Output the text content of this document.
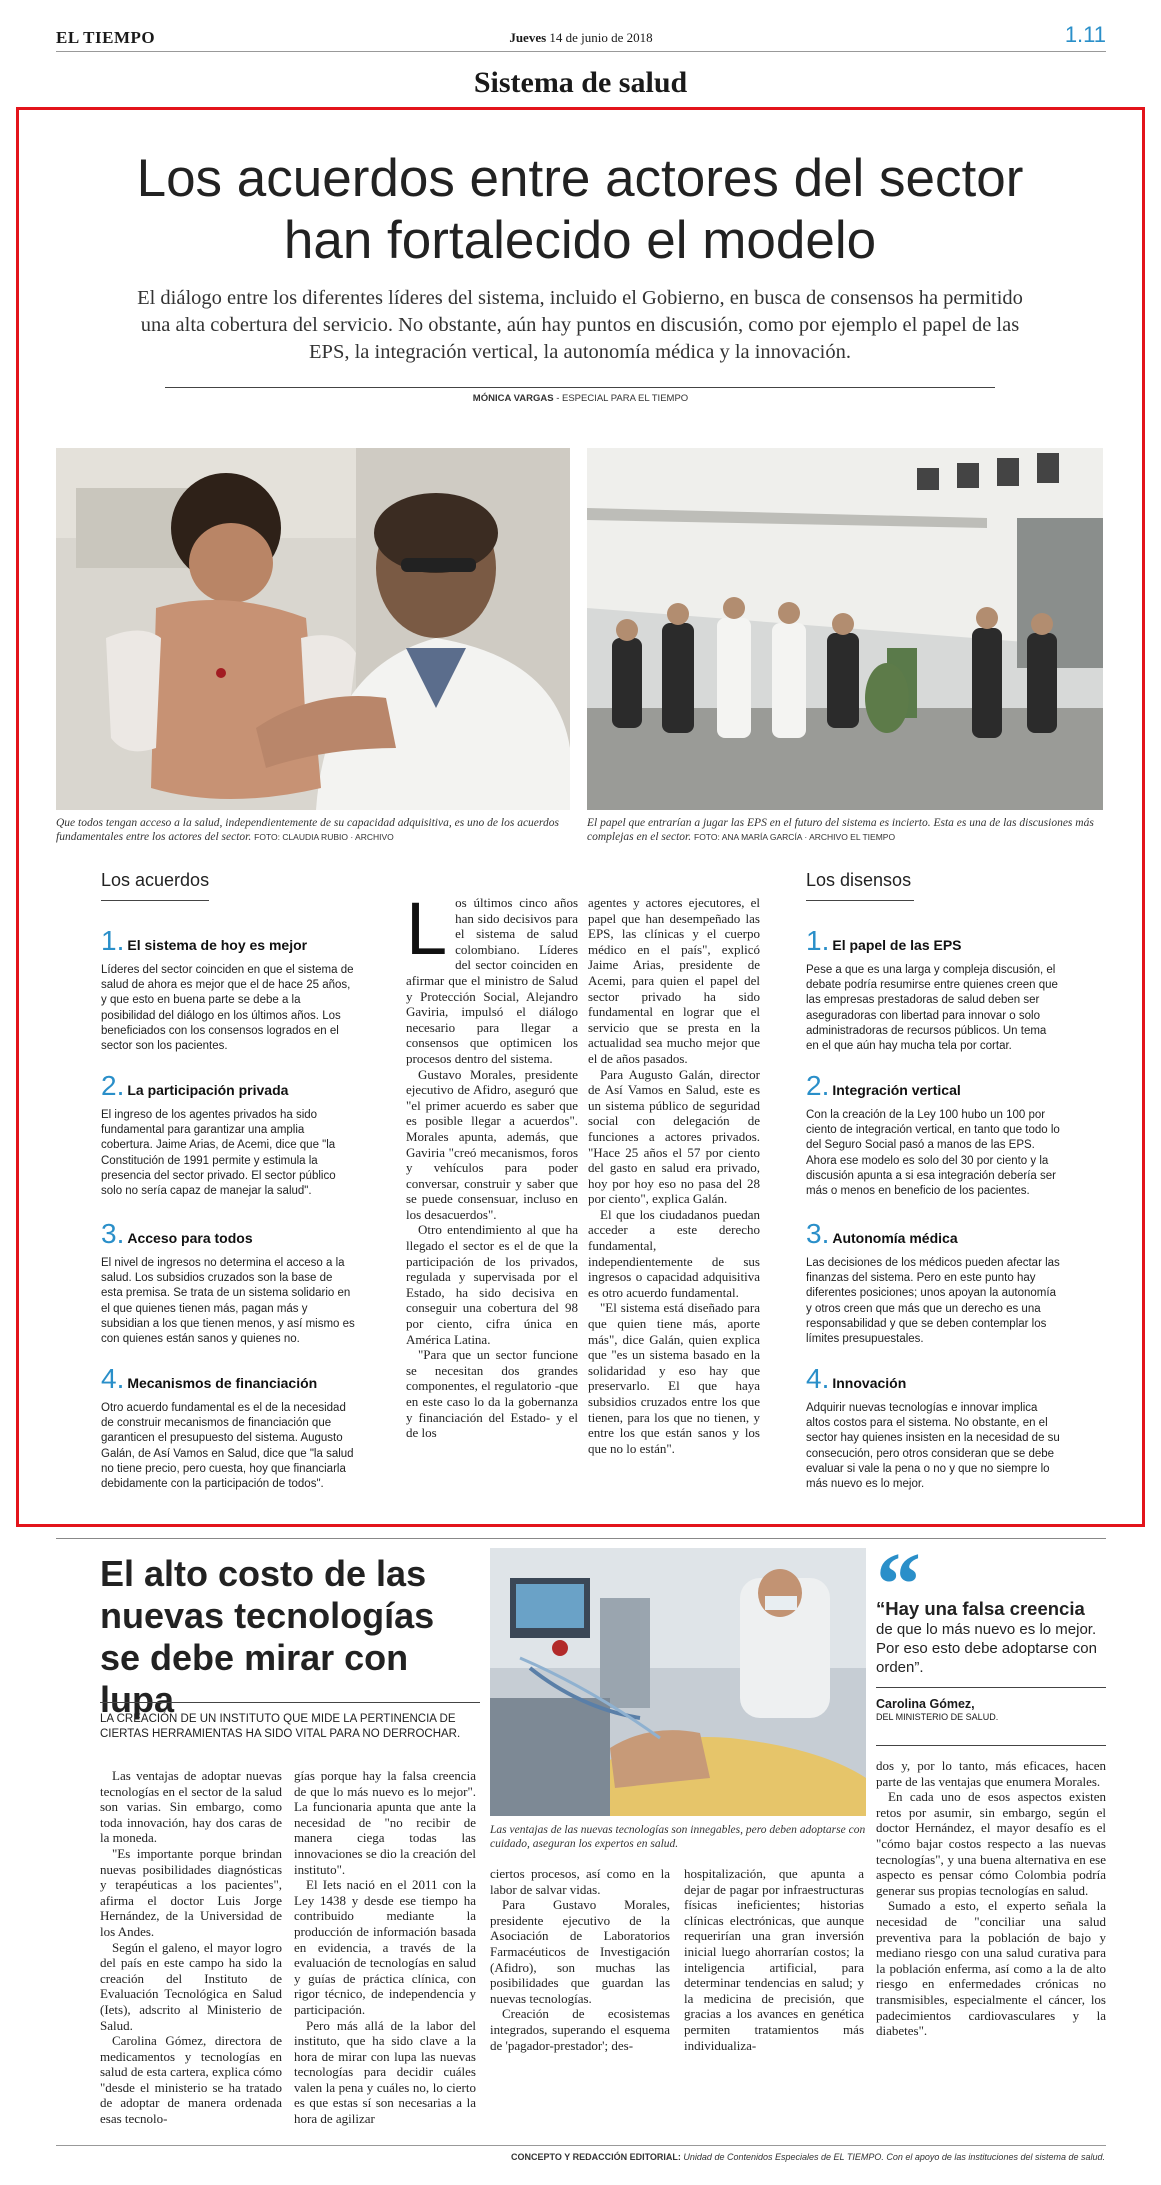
EL TIEMPO	Jueves 14 de junio de 2018	1.11
Sistema de salud
Los acuerdos entre actores del sector han fortalecido el modelo

El diálogo entre los diferentes líderes del sistema, incluido el Gobierno, en busca de consensos ha permitido una alta cobertura del servicio. No obstante, aún hay puntos en discusión, como por ejemplo el papel de las EPS, la integración vertical, la autonomía médica y la innovación.

MÓNICA VARGAS - ESPECIAL PARA EL TIEMPO
Que todos tengan acceso a la salud, independientemente de su capacidad adquisitiva, es uno de los acuerdos fundamentales entre los actores del sector. FOTO: CLAUDIA RUBIO · ARCHIVO
El papel que entrarían a jugar las EPS en el futuro del sistema es incierto. Esta es una de las discusiones más complejas en el sector. FOTO: ANA MARÍA GARCÍA · ARCHIVO EL TIEMPO
Los acuerdos
1. El sistema de hoy es mejor

Líderes del sector coinciden en que el sistema de salud de ahora es mejor que el de hace 25 años, y que esto en buena parte se debe a la posibilidad del diálogo en los últimos años. Los beneficiados con los consensos logrados en el sector son los pacientes.

2. La participación privada

El ingreso de los agentes privados ha sido fundamental para garantizar una amplia cobertura. Jaime Arias, de Acemi, dice que "la Constitución de 1991 permite y estimula la presencia del sector privado. El sector público solo no sería capaz de manejar la salud".

3. Acceso para todos

El nivel de ingresos no determina el acceso a la salud. Los subsidios cruzados son la base de esta premisa. Se trata de un sistema solidario en el que quienes tienen más, pagan más y subsidian a los que tienen menos, y así mismo es con quienes están sanos y quienes no.

4. Mecanismos de financiación

Otro acuerdo fundamental es el de la necesidad de construir mecanismos de financiación que garanticen el presupuesto del sistema. Augusto Galán, de Así Vamos en Salud, dice que "la salud no tiene precio, pero cuesta, hoy que financiarla debidamente con la participación de todos".

L os últimos cinco años han sido decisivos para el sistema de salud colombiano. Líderes del sector coinciden en afirmar que el ministro de Salud y Protección Social, Alejandro Gaviria, impulsó el diálogo necesario para llegar a consensos que optimicen los procesos dentro del sistema.

Gustavo Morales, presidente ejecutivo de Afidro, aseguró que "el primer acuerdo es saber que es posible llegar a acuerdos". Morales apunta, además, que Gaviria "creó mecanismos, foros y vehículos para poder conversar, construir y saber que se puede consensuar, incluso en los desacuerdos".

Otro entendimiento al que ha llegado el sector es el de que la participación de los privados, regulada y supervisada por el Estado, ha sido decisiva en conseguir una cobertura del 98 por ciento, cifra única en América Latina.

"Para que un sector funcione se necesitan dos grandes componentes, el regulatorio -que en este caso lo da la gobernanza y financiación del Estado- y el de los

agentes y actores ejecutores, el papel que han desempeñado las EPS, las clínicas y el cuerpo médico en el país", explicó Jaime Arias, presidente de Acemi, para quien el papel del sector privado ha sido fundamental en lograr que el servicio que se presta en la actualidad sea mucho mejor que el de años pasados.

Para Augusto Galán, director de Así Vamos en Salud, este es un sistema público de seguridad social con delegación de funciones a actores privados. "Hace 25 años el 57 por ciento del gasto en salud era privado, hoy por hoy eso no pasa del 28 por ciento", explica Galán.

El que los ciudadanos puedan acceder a este derecho fundamental, independientemente de sus ingresos o capacidad adquisitiva es otro acuerdo fundamental.

"El sistema está diseñado para que quien tiene más, aporte más", dice Galán, quien explica que "es un sistema basado en la solidaridad y eso hay que preservarlo. El que haya subsidios cruzados entre los que tienen, para los que no tienen, y entre los que están sanos y los que no lo están".

Los disensos
1. El papel de las EPS

Pese a que es una larga y compleja discusión, el debate podría resumirse entre quienes creen que las empresas prestadoras de salud deben ser aseguradoras con libertad para innovar o solo administradoras de recursos públicos. Un tema en el que aún hay mucha tela por cortar.

2. Integración vertical

Con la creación de la Ley 100 hubo un 100 por ciento de integración vertical, en tanto que todo lo del Seguro Social pasó a manos de las EPS. Ahora ese modelo es solo del 30 por ciento y la discusión apunta a si esa integración debería ser más o menos en beneficio de los pacientes.

3. Autonomía médica

Las decisiones de los médicos pueden afectar las finanzas del sistema. Pero en este punto hay diferentes posiciones; unos apoyan la autonomía y otros creen que más que un derecho es una responsabilidad y que se deben contemplar los límites presupuestales.

4. Innovación

Adquirir nuevas tecnologías e innovar implica altos costos para el sistema. No obstante, en el sector hay quienes insisten en la necesidad de su consecución, pero otros consideran que se debe evaluar si vale la pena o no y que no siempre lo más nuevo es lo mejor.

El alto costo de las nuevas tecnologías se debe mirar con lupa

LA CREACIÓN DE UN INSTITUTO QUE MIDE LA PERTINENCIA DE CIERTAS HERRAMIENTAS HA SIDO VITAL PARA NO DERROCHAR.

Las ventajas de las nuevas tecnologías son innegables, pero deben adoptarse con cuidado, aseguran los expertos en salud.
“
“Hay una falsa creencia
de que lo más nuevo es lo mejor. Por eso esto debe adoptarse con orden”.
Carolina Gómez,
DEL MINISTERIO DE SALUD.

Las ventajas de adoptar nuevas tecnologías en el sector de la salud son varias. Sin embargo, como toda innovación, hay dos caras de la moneda.

"Es importante porque brindan nuevas posibilidades diagnósticas y terapéuticas a los pacientes", afirma el doctor Luis Jorge Hernández, de la Universidad de los Andes.

Según el galeno, el mayor logro del país en este campo ha sido la creación del Instituto de Evaluación Tecnológica en Salud (Iets), adscrito al Ministerio de Salud.

Carolina Gómez, directora de medicamentos y tecnologías en salud de esta cartera, explica cómo "desde el ministerio se ha tratado de adoptar de manera ordenada esas tecnolo-

gías porque hay la falsa creencia de que lo más nuevo es lo mejor". La funcionaria apunta que ante la necesidad de "no recibir de manera ciega todas las innovaciones se dio la creación del instituto".

El Iets nació en el 2011 con la Ley 1438 y desde ese tiempo ha contribuido mediante la producción de información basada en evidencia, a través de la evaluación de tecnologías en salud y guías de práctica clínica, con rigor técnico, de independencia y participación.

Pero más allá de la labor del instituto, que ha sido clave a la hora de mirar con lupa las nuevas tecnologías para decidir cuáles valen la pena y cuáles no, lo cierto es que estas sí son necesarias a la hora de agilizar

ciertos procesos, así como en la labor de salvar vidas.

Para Gustavo Morales, presidente ejecutivo de la Asociación de Laboratorios Farmacéuticos de Investigación (Afidro), son muchas las posibilidades que guardan las nuevas tecnologías.

Creación de ecosistemas integrados, superando el esquema de 'pagador-prestador'; des-

hospitalización, que apunta a dejar de pagar por infraestructuras físicas ineficientes; historias clínicas electrónicas, que aunque requerirían una gran inversión inicial luego ahorrarían costos; la inteligencia artificial, para determinar tendencias en salud; y la medicina de precisión, que gracias a los avances en genética permiten tratamientos más individualiza-

dos y, por lo tanto, más eficaces, hacen parte de las ventajas que enumera Morales.

En cada uno de esos aspectos existen retos por asumir, sin embargo, según el doctor Hernández, el mayor desafío es el "cómo bajar costos respecto a las nuevas tecnologías", y una buena alternativa en ese aspecto es pensar cómo Colombia podría generar sus propias tecnologías en salud.

Sumado a esto, el experto señala la necesidad de "conciliar una salud preventiva para la población de bajo y mediano riesgo con una salud curativa para la población enferma, así como a la de alto riesgo en enfermedades crónicas no transmisibles, especialmente el cáncer, los padecimientos cardiovasculares y la diabetes".

CONCEPTO Y REDACCIÓN EDITORIAL: Unidad de Contenidos Especiales de EL TIEMPO. Con el apoyo de las instituciones del sistema de salud.
